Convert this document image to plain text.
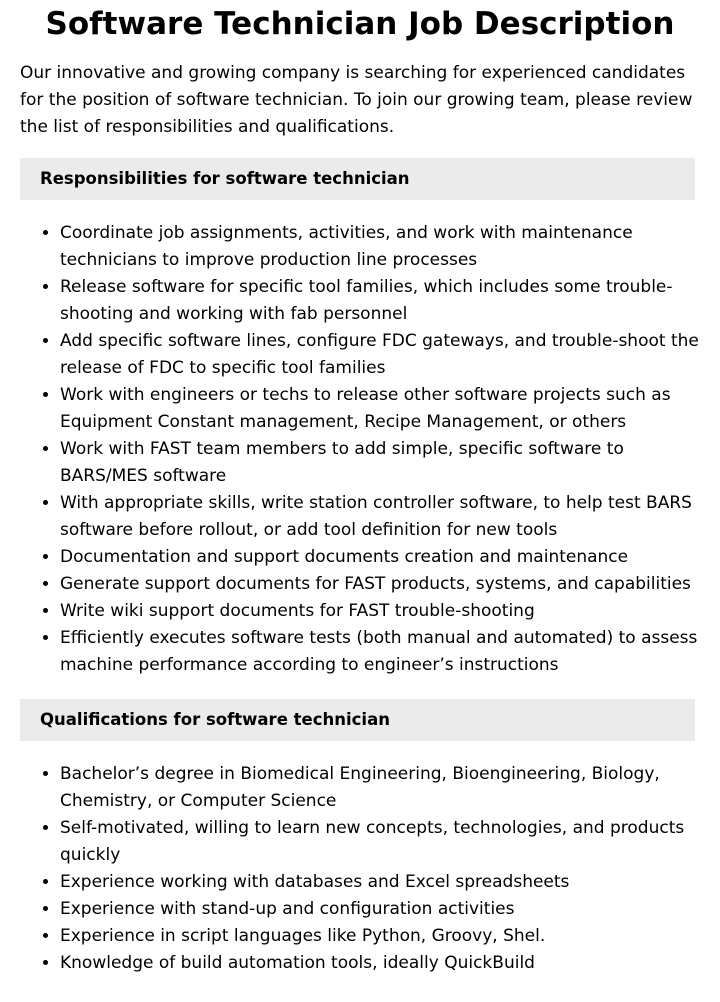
Software Technician Job Description

Our innovative and growing company is searching for experienced candidates for the position of software technician. To join our growing team, please review the list of responsibilities and qualifications.

Responsibilities for software technician
• Coordinate job assignments, activities, and work with maintenance technicians to improve production line processes
• Release software for specific tool families, which includes some trouble-shooting and working with fab personnel
• Add specific software lines, configure FDC gateways, and trouble-shoot the release of FDC to specific tool families
• Work with engineers or techs to release other software projects such as Equipment Constant management, Recipe Management, or others
• Work with FAST team members to add simple, specific software to BARS/MES software
• With appropriate skills, write station controller software, to help test BARS software before rollout, or add tool definition for new tools
• Documentation and support documents creation and maintenance
• Generate support documents for FAST products, systems, and capabilities
• Write wiki support documents for FAST trouble-shooting
• Efficiently executes software tests (both manual and automated) to assess machine performance according to engineer’s instructions
Qualifications for software technician
• Bachelor’s degree in Biomedical Engineering, Bioengineering, Biology, Chemistry, or Computer Science
• Self-motivated, willing to learn new concepts, technologies, and products quickly
• Experience working with databases and Excel spreadsheets
• Experience with stand-up and configuration activities
• Experience in script languages like Python, Groovy, Shel.
• Knowledge of build automation tools, ideally QuickBuild
